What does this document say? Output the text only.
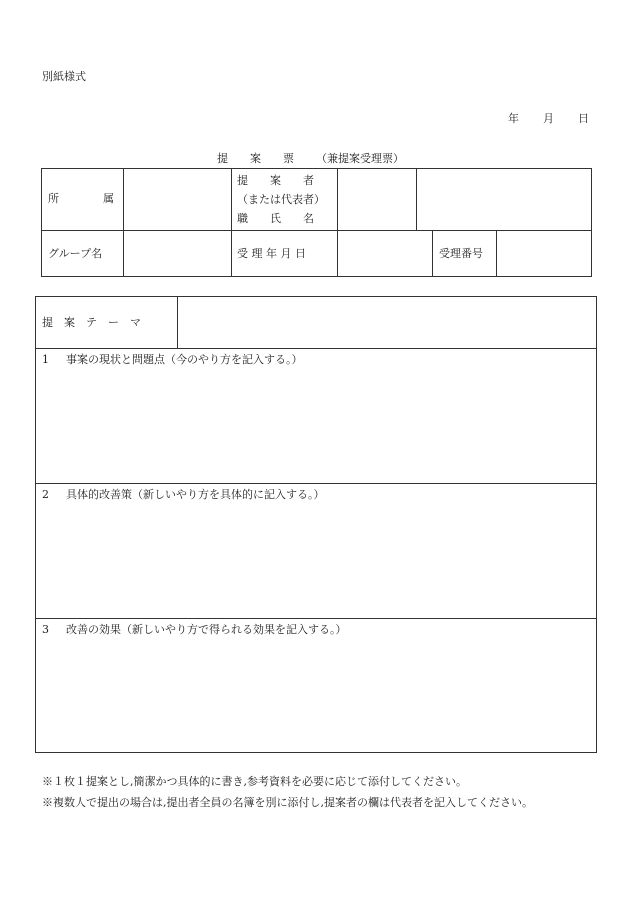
別紙様式
年 月 日
提　　案　　票 （兼提案受理票）
所　　　　属
提　　案　　者
（または代表者）
職　　氏　　名
グループ名	受 理 年 月 日	受理番号
提　案　テ　ー　マ
1 事案の現状と問題点（今のやり方を記入する。）
2 具体的改善策（新しいやり方を具体的に記入する。）
3 改善の効果（新しいやり方で得られる効果を記入する。）
※１枚１提案とし,簡潔かつ具体的に書き,参考資料を必要に応じて添付してください。
※複数人で提出の場合は,提出者全員の名簿を別に添付し,提案者の欄は代表者を記入してください。
